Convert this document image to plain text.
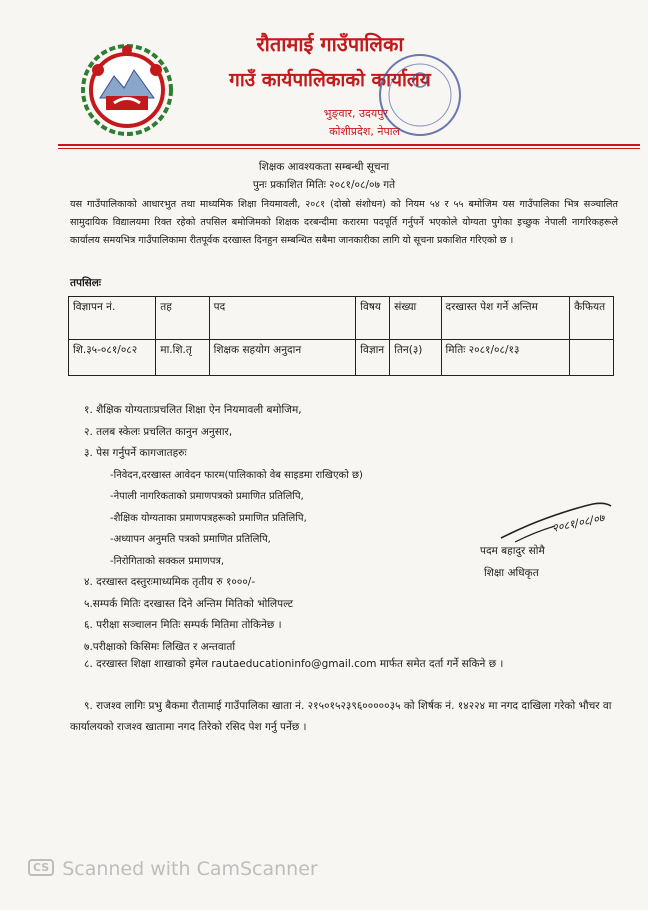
रौतामाई गाउँपालिका
गाउँ कार्यपालिकाको कार्यालय
भुङ्वार, उदयपुर
कोशीप्रदेश, नेपाल
शिक्षक आवश्यकता सम्बन्धी सूचना
पुनः प्रकाशित मितिः २०८१/०८/०७ गते
यस गाउँपालिकाको आधारभुत तथा माध्यमिक शिक्षा नियमावली, २०८१ (दोस्रो संशोधन) को नियम ५४ र ५५ बमोजिम यस गाउँपालिका भित्र सञ्चालित सामुदायिक विद्यालयमा रिक्त रहेको तपसिल बमोजिमको शिक्षक दरबन्दीमा करारमा पदपूर्ति गर्नुपर्ने भएकोले योग्यता पुगेका इच्छुक नेपाली नागरिकहरूले कार्यालय समयभित्र गाउँपालिकामा रीतपूर्वक दरखास्त दिनहुन सम्बन्धित सबैमा जानकारीका लागि यो सूचना प्रकाशित गरिएको छ ।
तपसिलः
विज्ञापन नं.	तह	पद	विषय	संख्या	दरखास्त पेश गर्ने अन्तिम	कैफियत
शि.३५-०८१/०८२	मा.शि.तृ	शिक्षक सहयोग अनुदान	विज्ञान	तिन(३)	मितिः २०८१/०८/१३	
१. शैक्षिक योग्यताःप्रचलित शिक्षा ऐन नियमावली बमोजिम,
२. तलब स्केलः प्रचलित कानुन अनुसार,
३. पेस गर्नुपर्ने कागजातहरुः
-निवेदन,दरखास्त आवेदन फारम(पालिकाको वेब साइडमा राखिएको छ)
-नेपाली नागरिकताको प्रमाणपत्रको प्रमाणित प्रतिलिपि,
-शैक्षिक योग्यताका प्रमाणपत्रहरूको प्रमाणित प्रतिलिपि,
-अध्यापन अनुमति पत्रको प्रमाणित प्रतिलिपि,
-निरोगिताको सक्कल प्रमाणपत्र,
४. दरखास्त दस्तुरःमाध्यमिक तृतीय रु १०००/-
५.सम्पर्क मितिः दरखास्त दिने अन्तिम मितिको भोलिपल्ट
६. परीक्षा सञ्चालन मितिः सम्पर्क मितिमा तोकिनेछ ।
७.परीक्षाको किसिमः लिखित र अन्तवार्ता
८. दरखास्त शिक्षा शाखाको इमेल rautaeducationinfo@gmail.com मार्फत समेत दर्ता गर्ने सकिने छ ।
९. राजश्व लागिः प्रभु बैकमा रौतामाई गाउँपालिका खाता नं. २१५०१५२३९६०००००३५ को शिर्षक नं. १४२२४ मा नगद दाखिला गरेको भौचर वा कार्यालयको राजश्व खातामा नगद तिरेको रसिद पेश गर्नु पर्नेछ ।
२०८१/०८/०७
पदम बहादुर सोमै
शिक्षा अधिकृत
CS Scanned with CamScanner
